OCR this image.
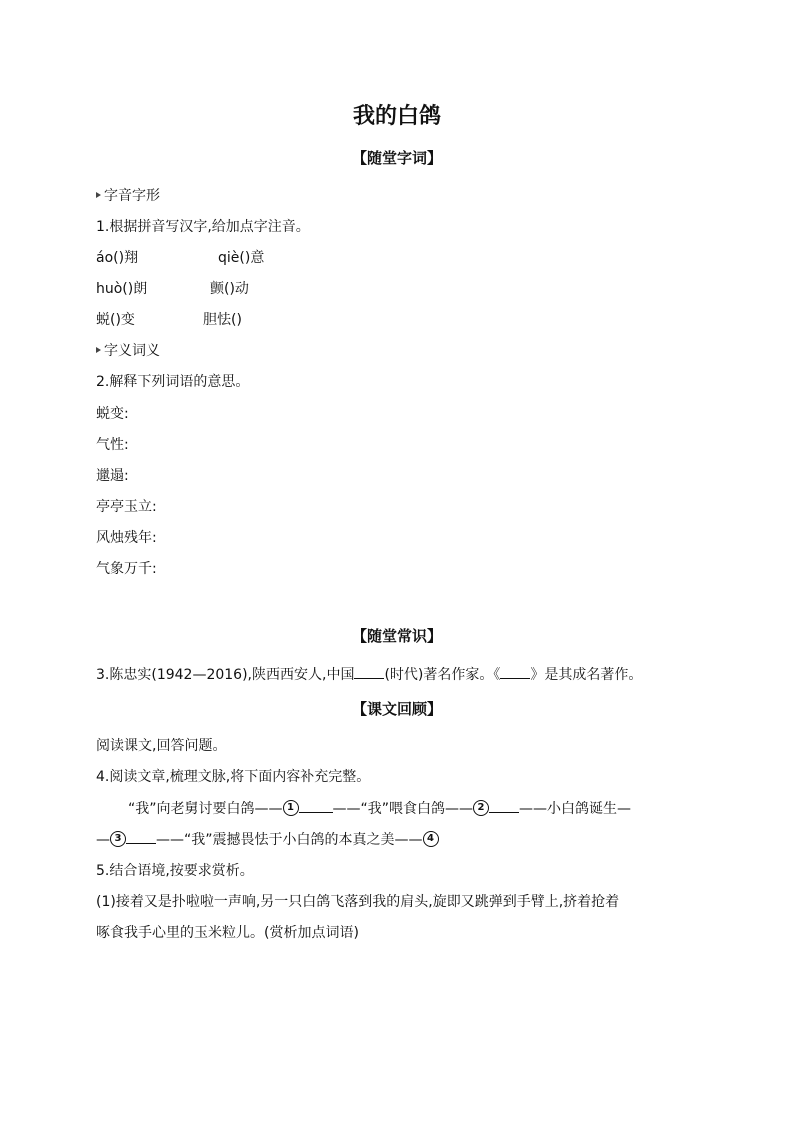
我的白鸽
【随堂字词】
字音字形
1.根据拼音写汉字,给加点字注音。
áo()翔	qiè()意
huò()朗	颤()动
蜕()变	胆怯()
字义词义
2.解释下列词语的意思。
蜕变:
气性:
邋遢:
亭亭玉立:
风烛残年:
气象万千:
【随堂常识】
3.陈忠实(1942—2016),陕西西安人,中国 (时代)著名作家。《 》是其成名著作。
【课文回顾】
阅读课文,回答问题。
4.阅读文章,梳理文脉,将下面内容补充完整。
“我”向老舅讨要白鸽—— 1	——“我”喂食白鸽—— 2 ——小白鸽诞生—
— 3 ——“我”震撼畏怯于小白鸽的本真之美—— 4
5.结合语境,按要求赏析。
(1)接着又是扑啦啦一声响,另一只白鸽飞落到我的肩头,旋即又跳弹到手臂上,挤着抢着
啄食我手心里的玉米粒儿。(赏析加点词语)
